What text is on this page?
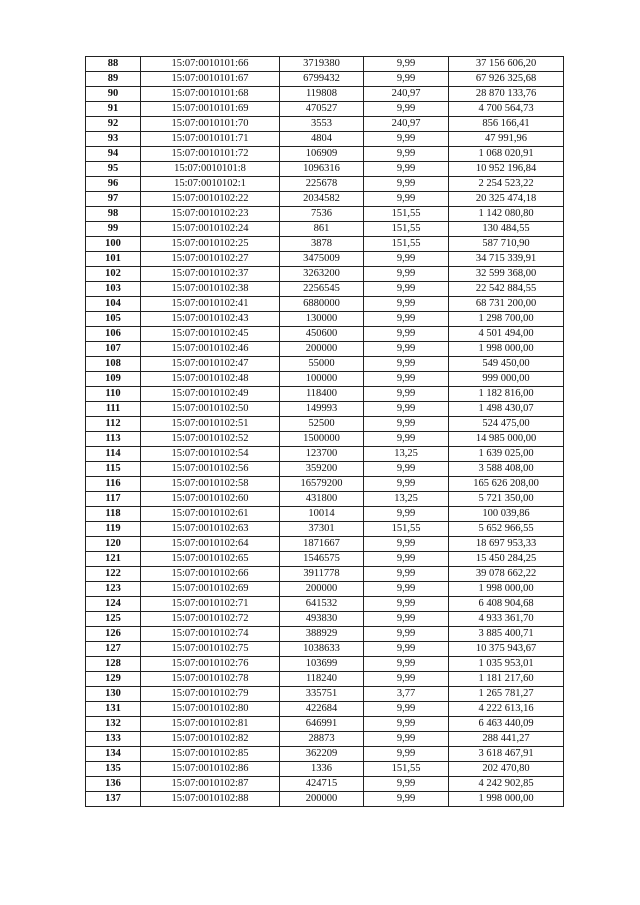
88	15:07:0010101:66	3719380	9,99	37 156 606,20
89	15:07:0010101:67	6799432	9,99	67 926 325,68
90	15:07:0010101:68	119808	240,97	28 870 133,76
91	15:07:0010101:69	470527	9,99	4 700 564,73
92	15:07:0010101:70	3553	240,97	856 166,41
93	15:07:0010101:71	4804	9,99	47 991,96
94	15:07:0010101:72	106909	9,99	1 068 020,91
95	15:07:0010101:8	1096316	9,99	10 952 196,84
96	15:07:0010102:1	225678	9,99	2 254 523,22
97	15:07:0010102:22	2034582	9,99	20 325 474,18
98	15:07:0010102:23	7536	151,55	1 142 080,80
99	15:07:0010102:24	861	151,55	130 484,55
100	15:07:0010102:25	3878	151,55	587 710,90
101	15:07:0010102:27	3475009	9,99	34 715 339,91
102	15:07:0010102:37	3263200	9,99	32 599 368,00
103	15:07:0010102:38	2256545	9,99	22 542 884,55
104	15:07:0010102:41	6880000	9,99	68 731 200,00
105	15:07:0010102:43	130000	9,99	1 298 700,00
106	15:07:0010102:45	450600	9,99	4 501 494,00
107	15:07:0010102:46	200000	9,99	1 998 000,00
108	15:07:0010102:47	55000	9,99	549 450,00
109	15:07:0010102:48	100000	9,99	999 000,00
110	15:07:0010102:49	118400	9,99	1 182 816,00
111	15:07:0010102:50	149993	9,99	1 498 430,07
112	15:07:0010102:51	52500	9,99	524 475,00
113	15:07:0010102:52	1500000	9,99	14 985 000,00
114	15:07:0010102:54	123700	13,25	1 639 025,00
115	15:07:0010102:56	359200	9,99	3 588 408,00
116	15:07:0010102:58	16579200	9,99	165 626 208,00
117	15:07:0010102:60	431800	13,25	5 721 350,00
118	15:07:0010102:61	10014	9,99	100 039,86
119	15:07:0010102:63	37301	151,55	5 652 966,55
120	15:07:0010102:64	1871667	9,99	18 697 953,33
121	15:07:0010102:65	1546575	9,99	15 450 284,25
122	15:07:0010102:66	3911778	9,99	39 078 662,22
123	15:07:0010102:69	200000	9,99	1 998 000,00
124	15:07:0010102:71	641532	9,99	6 408 904,68
125	15:07:0010102:72	493830	9,99	4 933 361,70
126	15:07:0010102:74	388929	9,99	3 885 400,71
127	15:07:0010102:75	1038633	9,99	10 375 943,67
128	15:07:0010102:76	103699	9,99	1 035 953,01
129	15:07:0010102:78	118240	9,99	1 181 217,60
130	15:07:0010102:79	335751	3,77	1 265 781,27
131	15:07:0010102:80	422684	9,99	4 222 613,16
132	15:07:0010102:81	646991	9,99	6 463 440,09
133	15:07:0010102:82	28873	9,99	288 441,27
134	15:07:0010102:85	362209	9,99	3 618 467,91
135	15:07:0010102:86	1336	151,55	202 470,80
136	15:07:0010102:87	424715	9,99	4 242 902,85
137	15:07:0010102:88	200000	9,99	1 998 000,00
